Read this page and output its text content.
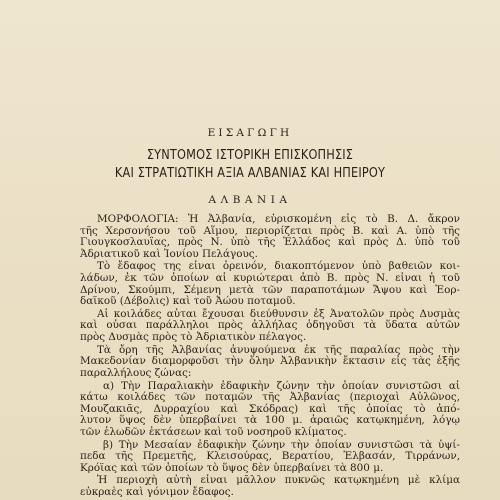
ΕΙΣΑΓΩΓΗ
ΣΥΝΤΟΜΟΣ ΙΣΤΟΡΙΚΗ ΕΠΙΣΚΟΠΗΣΙΣ
ΚΑΙ ΣΤΡΑΤΙΩΤΙΚΗ ΑΞΙΑ ΑΛΒΑΝΙΑΣ ΚΑΙ ΗΠΕΙΡΟΥ
ΑΛΒΑΝΙΑ
ΜΟΡΦΟΛΟΓΙΑ: Ἡ Ἀλβανία, εὑρισκομένη εἰς τὸ Β. Δ. ἄκρον
τῆς Χερσονήσου τοῦ Αἵμου, περιορίζεται πρὸς Β. καὶ Α. ὑπὸ τῆς
Γιουγκοσλαυΐας, πρὸς Ν. ὑπὸ τῆς Ἑλλάδος καὶ πρὸς Δ. ὑπὸ τοῦ
Ἀδριατικοῦ καὶ Ἰονίου Πελάγους.
Τὸ ἔδαφος της εἶναι ὀρεινόν, διακοπτόμενον ὑπὸ βαθειῶν κοι-
λάδων, ἐκ τῶν ὁποίων αἱ κυριώτεραι ἀπὸ Β. πρὸς Ν. εἶναι ἡ τοῦ
Δρίνου, Σκούμπι, Σέμενη μετὰ τῶν παραποτάμων Ἄψου καὶ Ἐορ-
δαϊκοῦ (Δέβολις) καὶ τοῦ Ἀώου ποταμοῦ.
Αἱ κοιλάδες αὗται ἔχουσαι διεύθυνσιν ἐξ Ἀνατολῶν πρὸς Δυσμὰς
καὶ οὖσαι παράλληλοι πρὸς ἀλλήλας ὁδηγοῦσι τὰ ὕδατα αὐτῶν
πρὸς Δυσμὰς πρὸς τὸ Ἀδριατικὸν πέλαγος.
Τὰ ὄρη τῆς Ἀλβανίας ἀνυψούμενα ἐκ τῆς παραλίας πρὸς τὴν
Μακεδονίαν διαμορφοῦσι τὴν ὅλην Ἀλβανικὴν ἔκτασιν εἰς τὰς ἑξῆς
παραλλήλους ζώνας:
α) Τὴν Παραλιακὴν ἐδαφικὴν ζώνην τὴν ὁποίαν συνιστῶσι αἱ
κάτω κοιλάδες τῶν ποταμῶν τῆς Ἀλβανίας (περιοχαὶ Αὐλῶνος,
Μουζακιᾶς, Δυρραχίου καὶ Σκόδρας) καὶ τῆς ὁποίας τὸ ἀπό-
λυτον ὕψος δὲν ὑπερβαίνει τὰ 100 μ. ἀραιῶς κατῳκημένη, λόγῳ
τῶν ἑλωδῶν ἐκτάσεων καὶ τοῦ νοσηροῦ κλίματος.
β) Τὴν Μεσαίαν ἐδαφικὴν ζώνην τὴν ὁποίαν συνιστῶσι τὰ ὑψί-
πεδα τῆς Πρεμετῆς, Κλεισούρας, Βερατίου, Ἐλβασάν, Τιρράνων,
Κρόϊας καὶ τῶν ὁποίων τὸ ὕψος δὲν ὑπερβαίνει τὰ 800 μ.
Ἡ περιοχὴ αὐτὴ εἶναι μᾶλλον πυκνῶς κατῳκημένη μὲ κλίμα
εὐκραὲς καὶ γόνιμον ἔδαφος.
